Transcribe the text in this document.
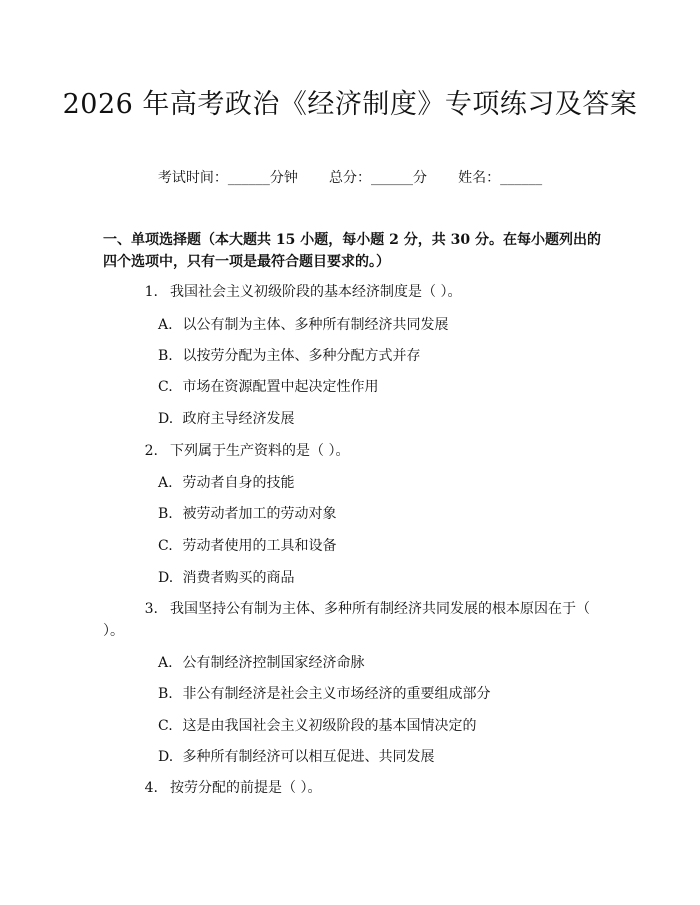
2026 年高考政治《经济制度》专项练习及答案
考试时间：______分钟 总分：______分 姓名：______
一、单项选择题（本大题共 15 小题，每小题 2 分，共 30 分。在每小题列出的四个选项中，只有一项是最符合题目要求的。）
1. 我国社会主义初级阶段的基本经济制度是（ ）。
A. 以公有制为主体、多种所有制经济共同发展
B. 以按劳分配为主体、多种分配方式并存
C. 市场在资源配置中起决定性作用
D. 政府主导经济发展
2. 下列属于生产资料的是（ ）。
A. 劳动者自身的技能
B. 被劳动者加工的劳动对象
C. 劳动者使用的工具和设备
D. 消费者购买的商品
3. 我国坚持公有制为主体、多种所有制经济共同发展的根本原因在于（ ）。
A. 公有制经济控制国家经济命脉
B. 非公有制经济是社会主义市场经济的重要组成部分
C. 这是由我国社会主义初级阶段的基本国情决定的
D. 多种所有制经济可以相互促进、共同发展
4. 按劳分配的前提是（ ）。
